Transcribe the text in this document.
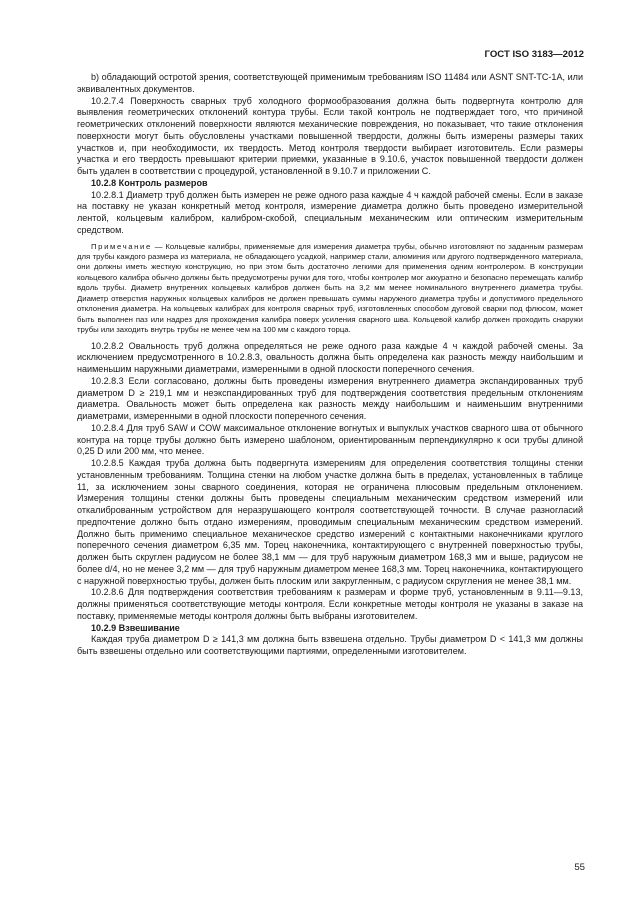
ГОСТ ISO 3183—2012

b) обладающий остротой зрения, соответствующей применимым требованиям ISO 11484 или ASNT SNT-TC-1A, или эквивалентных документов.

10.2.7.4 Поверхность сварных труб холодного формообразования должна быть подвергнута контролю для выявления геометрических отклонений контура трубы. Если такой контроль не подтверждает того, что причиной геометрических отклонений поверхности являются механические повреждения, но показывает, что такие отклонения поверхности могут быть обусловлены участками повышенной твердости, должны быть измерены размеры таких участков и, при необходимости, их твердость. Метод контроля твердости выбирает изготовитель. Если размеры участка и его твердость превышают критерии приемки, указанные в 9.10.6, участок повышенной твердости должен быть удален в соответствии с процедурой, установленной в 9.10.7 и приложении C.

10.2.8 Контроль размеров

10.2.8.1 Диаметр труб должен быть измерен не реже одного раза каждые 4 ч каждой рабочей смены. Если в заказе на поставку не указан конкретный метод контроля, измерение диаметра должно быть проведено измерительной лентой, кольцевым калибром, калибром-скобой, специальным механическим или оптическим измерительным средством.

Примечание — Кольцевые калибры, применяемые для измерения диаметра трубы, обычно изготовляют по заданным размерам для трубы каждого размера из материала, не обладающего усадкой, например стали, алюминия или другого подтвержденного материала, они должны иметь жесткую конструкцию, но при этом быть достаточно легкими для применения одним контролером. В конструкции кольцевого калибра обычно должны быть предусмотрены ручки для того, чтобы контролер мог аккуратно и безопасно перемещать калибр вдоль трубы. Диаметр внутренних кольцевых калибров должен быть на 3,2 мм менее номинального внутреннего диаметра трубы. Диаметр отверстия наружных кольцевых калибров не должен превышать суммы наружного диаметра трубы и допустимого предельного отклонения диаметра. На кольцевых калибрах для контроля сварных труб, изготовленных способом дуговой сварки под флюсом, может быть выполнен паз или надрез для прохождения калибра поверх усиления сварного шва. Кольцевой калибр должен проходить снаружи трубы или заходить внутрь трубы не менее чем на 100 мм с каждого торца.

10.2.8.2 Овальность труб должна определяться не реже одного раза каждые 4 ч каждой рабочей смены. За исключением предусмотренного в 10.2.8.3, овальность должна быть определена как разность между наибольшим и наименьшим наружными диаметрами, измеренными в одной плоскости поперечного сечения.

10.2.8.3 Если согласовано, должны быть проведены измерения внутреннего диаметра экспандированных труб диаметром D ≥ 219,1 мм и неэкспандированных труб для подтверждения соответствия предельным отклонениям диаметра. Овальность может быть определена как разность между наибольшим и наименьшим внутренними диаметрами, измеренными в одной плоскости поперечного сечения.

10.2.8.4 Для труб SAW и COW максимальное отклонение вогнутых и выпуклых участков сварного шва от обычного контура на торце трубы должно быть измерено шаблоном, ориентированным перпендикулярно к оси трубы длиной 0,25 D или 200 мм, что менее.

10.2.8.5 Каждая труба должна быть подвергнута измерениям для определения соответствия толщины стенки установленным требованиям. Толщина стенки на любом участке должна быть в пределах, установленных в таблице 11, за исключением зоны сварного соединения, которая не ограничена плюсовым предельным отклонением. Измерения толщины стенки должны быть проведены специальным механическим средством измерений или откалиброванным устройством для неразрушающего контроля соответствующей точности. В случае разногласий предпочтение должно быть отдано измерениям, проводимым специальным механическим средством измерений. Должно быть применимо специальное механическое средство измерений с контактными наконечниками круглого поперечного сечения диаметром 6,35 мм. Торец наконечника, контактирующего с внутренней поверхностью трубы, должен быть скруглен радиусом не более 38,1 мм — для труб наружным диаметром 168,3 мм и выше, радиусом не более d/4, но не менее 3,2 мм — для труб наружным диаметром менее 168,3 мм. Торец наконечника, контактирующего с наружной поверхностью трубы, должен быть плоским или закругленным, с радиусом скругления не менее 38,1 мм.

10.2.8.6 Для подтверждения соответствия требованиям к размерам и форме труб, установленным в 9.11—9.13, должны применяться соответствующие методы контроля. Если конкретные методы контроля не указаны в заказе на поставку, применяемые методы контроля должны быть выбраны изготовителем.

10.2.9 Взвешивание

Каждая труба диаметром D ≥ 141,3 мм должна быть взвешена отдельно. Трубы диаметром D < 141,3 мм должны быть взвешены отдельно или соответствующими партиями, определенными изготовителем.

55
